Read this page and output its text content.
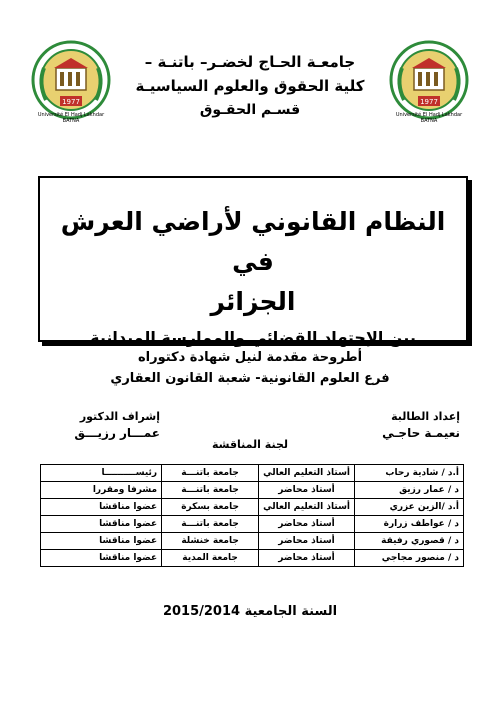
1977
Université El Hadj Lakhdar
BATNA
1977
Université El Hadj Lakhdar
BATNA
جامعـة الحـاج لخضـر– باتنـة –
كلية الحقوق والعلوم السياسيـة
قسـم الحقـوق
النظام القانوني لأراضي العرش في
الجزائر
بين الإجتهاد القضائي والممارسة الميدانية
أطروحة مقدمة لنيل شهادة دكتوراه
فرع العلوم القانونية- شعبة القانون العقاري
إعداد الطالبة
نعيمـة حاجـي
إشراف الدكتور
عمـــار رزيـــق
لجنة المناقشة
أ.د / شادية رحاب	أستاذ التعليم العالي	جامعة باتنـــة	رئيســــــــــا
د / عمار رزيق	أستاذ محاضر	جامعة باتنـــة	مشرفا ومقررا
أ.د /الزين عزري	أستاذ التعليم العالي	جامعة بسكرة	عضوا مناقشا
د / عواطف زرارة	أستاذ محاضر	جامعة باتنـــة	عضوا مناقشا
د / قصوري رفيقة	أستاذ محاضر	جامعة خنشلة	عضوا مناقشا
د / منصور مجاجي	أستاذ محاضر	جامعة المدية	عضوا مناقشا
السنة الجامعية 2015/2014
